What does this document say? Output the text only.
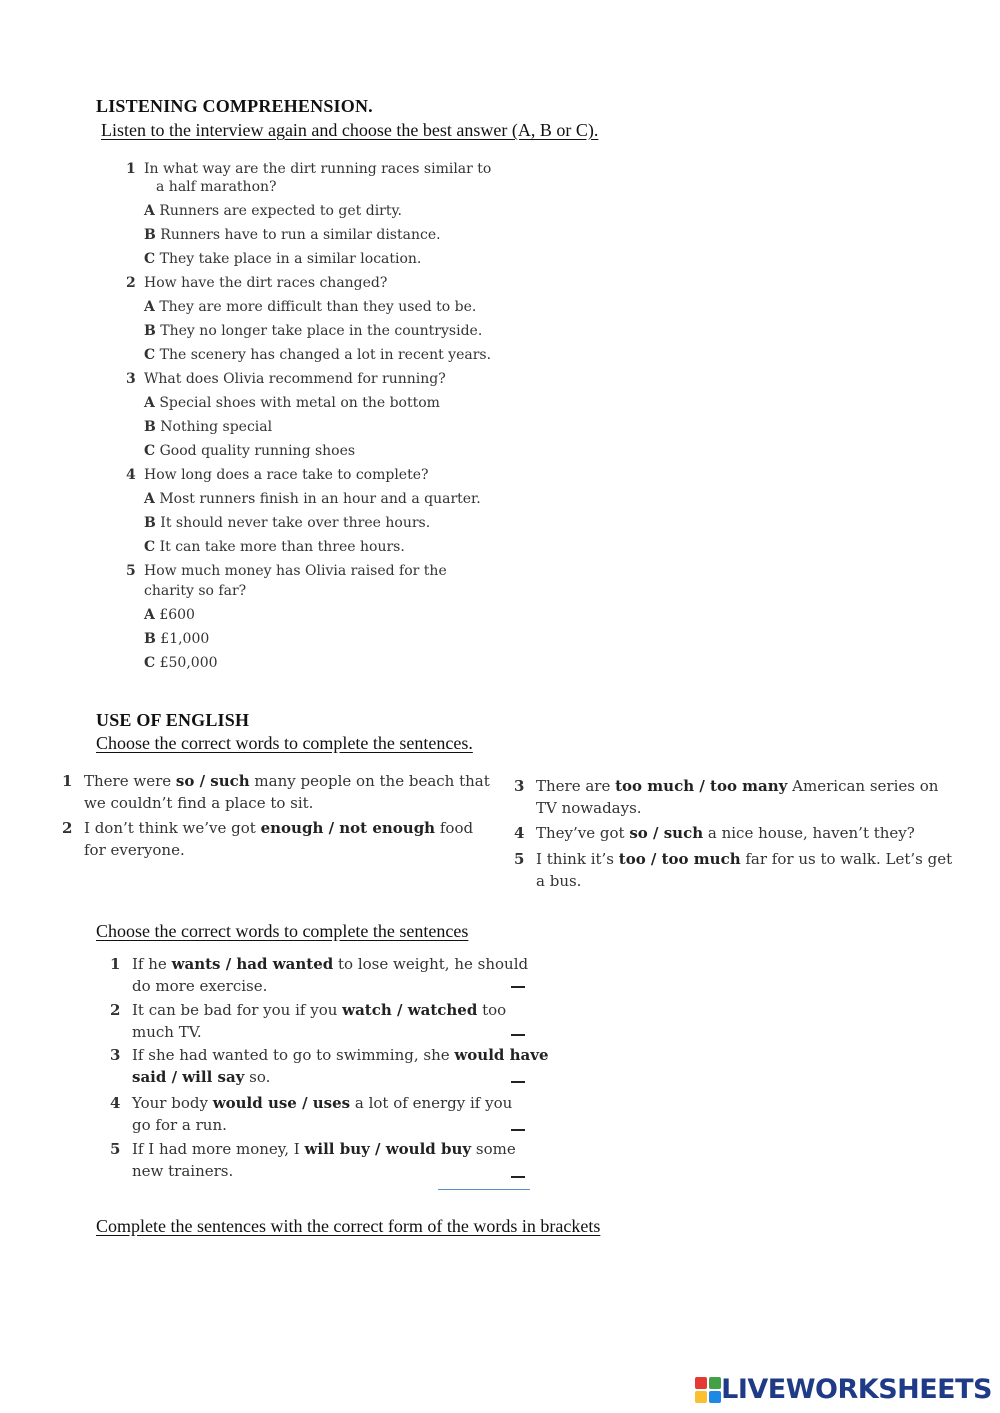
LISTENING COMPREHENSION.
Listen to the interview again and choose the best answer (A, B or C).
1 In what way are the dirt running races similar to
a half marathon?
A Runners are expected to get dirty.
B Runners have to run a similar distance.
C They take place in a similar location.
2 How have the dirt races changed?
A They are more difficult than they used to be.
B They no longer take place in the countryside.
C The scenery has changed a lot in recent years.
3 What does Olivia recommend for running?
A Special shoes with metal on the bottom
B Nothing special
C Good quality running shoes
4 How long does a race take to complete?
A Most runners finish in an hour and a quarter.
B It should never take over three hours.
C It can take more than three hours.
5 How much money has Olivia raised for the
charity so far?
A £600
B £1,000
C £50,000
USE OF ENGLISH
Choose the correct words to complete the sentences.
1 There were so / such many people on the beach that we couldn’t find a place to sit.
2 I don’t think we’ve got enough / not enough food for everyone.
3 There are too much / too many American series on TV nowadays.
4 They’ve got so / such a nice house, haven’t they?
5 I think it’s too / too much far for us to walk. Let’s get a bus.
Choose the correct words to complete the sentences
1 If he wants / had wanted to lose weight, he should do more exercise.
2 It can be bad for you if you watch / watched too much TV.
3 If she had wanted to go to swimming, she would have said / will say so.
4 Your body would use / uses a lot of energy if you go for a run.
5 If I had more money, I will buy / would buy some new trainers.
Complete the sentences with the correct form of the words in brackets
LIVEWORKSHEETS
